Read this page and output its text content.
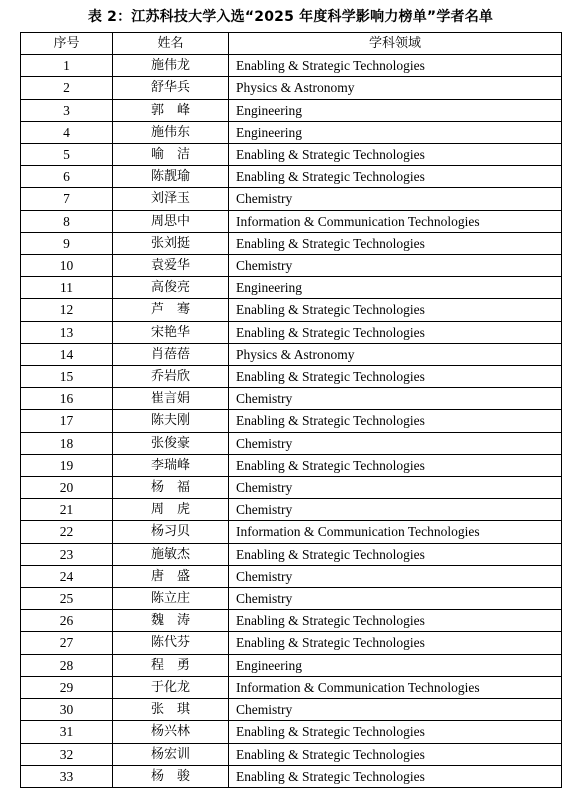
表 2：江苏科技大学入选“2025 年度科学影响力榜单”学者名单
序号	姓名	学科领域
1	施伟龙	Enabling & Strategic Technologies
2	舒华兵	Physics & Astronomy
3	郭　峰	Engineering
4	施伟东	Engineering
5	喻　洁	Enabling & Strategic Technologies
6	陈靓瑜	Enabling & Strategic Technologies
7	刘泽玉	Chemistry
8	周思中	Information & Communication Technologies
9	张刘挺	Enabling & Strategic Technologies
10	袁爱华	Chemistry
11	高俊亮	Engineering
12	芦　骞	Enabling & Strategic Technologies
13	宋艳华	Enabling & Strategic Technologies
14	肖蓓蓓	Physics & Astronomy
15	乔岩欣	Enabling & Strategic Technologies
16	崔言娟	Chemistry
17	陈夫刚	Enabling & Strategic Technologies
18	张俊豪	Chemistry
19	李瑞峰	Enabling & Strategic Technologies
20	杨　福	Chemistry
21	周　虎	Chemistry
22	杨习贝	Information & Communication Technologies
23	施敏杰	Enabling & Strategic Technologies
24	唐　盛	Chemistry
25	陈立庄	Chemistry
26	魏　涛	Enabling & Strategic Technologies
27	陈代芬	Enabling & Strategic Technologies
28	程　勇	Engineering
29	于化龙	Information & Communication Technologies
30	张　琪	Chemistry
31	杨兴林	Enabling & Strategic Technologies
32	杨宏训	Enabling & Strategic Technologies
33	杨　骏	Enabling & Strategic Technologies
